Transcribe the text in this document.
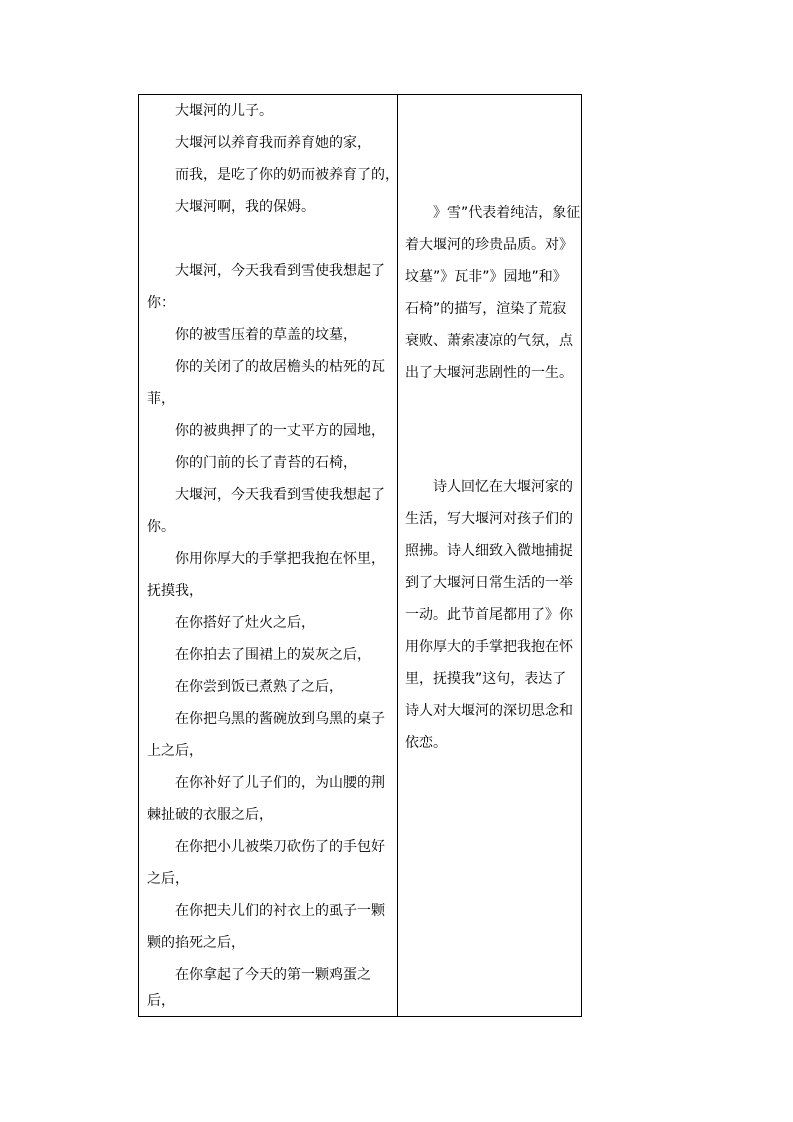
　　大堰河的儿子。
　　大堰河以养育我而养育她的家，
　　而我，是吃了你的奶而被养育了的，
　　大堰河啊，我的保姆。
　　大堰河，今天我看到雪使我想起了
你：
　　你的被雪压着的草盖的坟墓，
　　你的关闭了的故居檐头的枯死的瓦
菲，
　　你的被典押了的一丈平方的园地，
　　你的门前的长了青苔的石椅，
　　大堰河，今天我看到雪使我想起了
你。
　　你用你厚大的手掌把我抱在怀里，
抚摸我，
　　在你搭好了灶火之后，
　　在你拍去了围裙上的炭灰之后，
　　在你尝到饭已煮熟了之后，
　　在你把乌黑的酱碗放到乌黑的桌子
上之后，
　　在你补好了儿子们的，为山腰的荆
棘扯破的衣服之后，
　　在你把小儿被柴刀砍伤了的手包好
之后，
　　在你把夫儿们的衬衣上的虱子一颗
颗的掐死之后，
　　在你拿起了今天的第一颗鸡蛋之
后，
　　》雪”代表着纯洁，象征
着大堰河的珍贵品质。对》
坟墓”》瓦非”》园地”和》
石椅”的描写，渲染了荒寂
衰败、萧索凄凉的气氛，点
出了大堰河悲剧性的一生。
　　诗人回忆在大堰河家的
生活，写大堰河对孩子们的
照拂。诗人细致入微地捕捉
到了大堰河日常生活的一举
一动。此节首尾都用了》你
用你厚大的手掌把我抱在怀
里，抚摸我”这句，表达了
诗人对大堰河的深切思念和
依恋。
